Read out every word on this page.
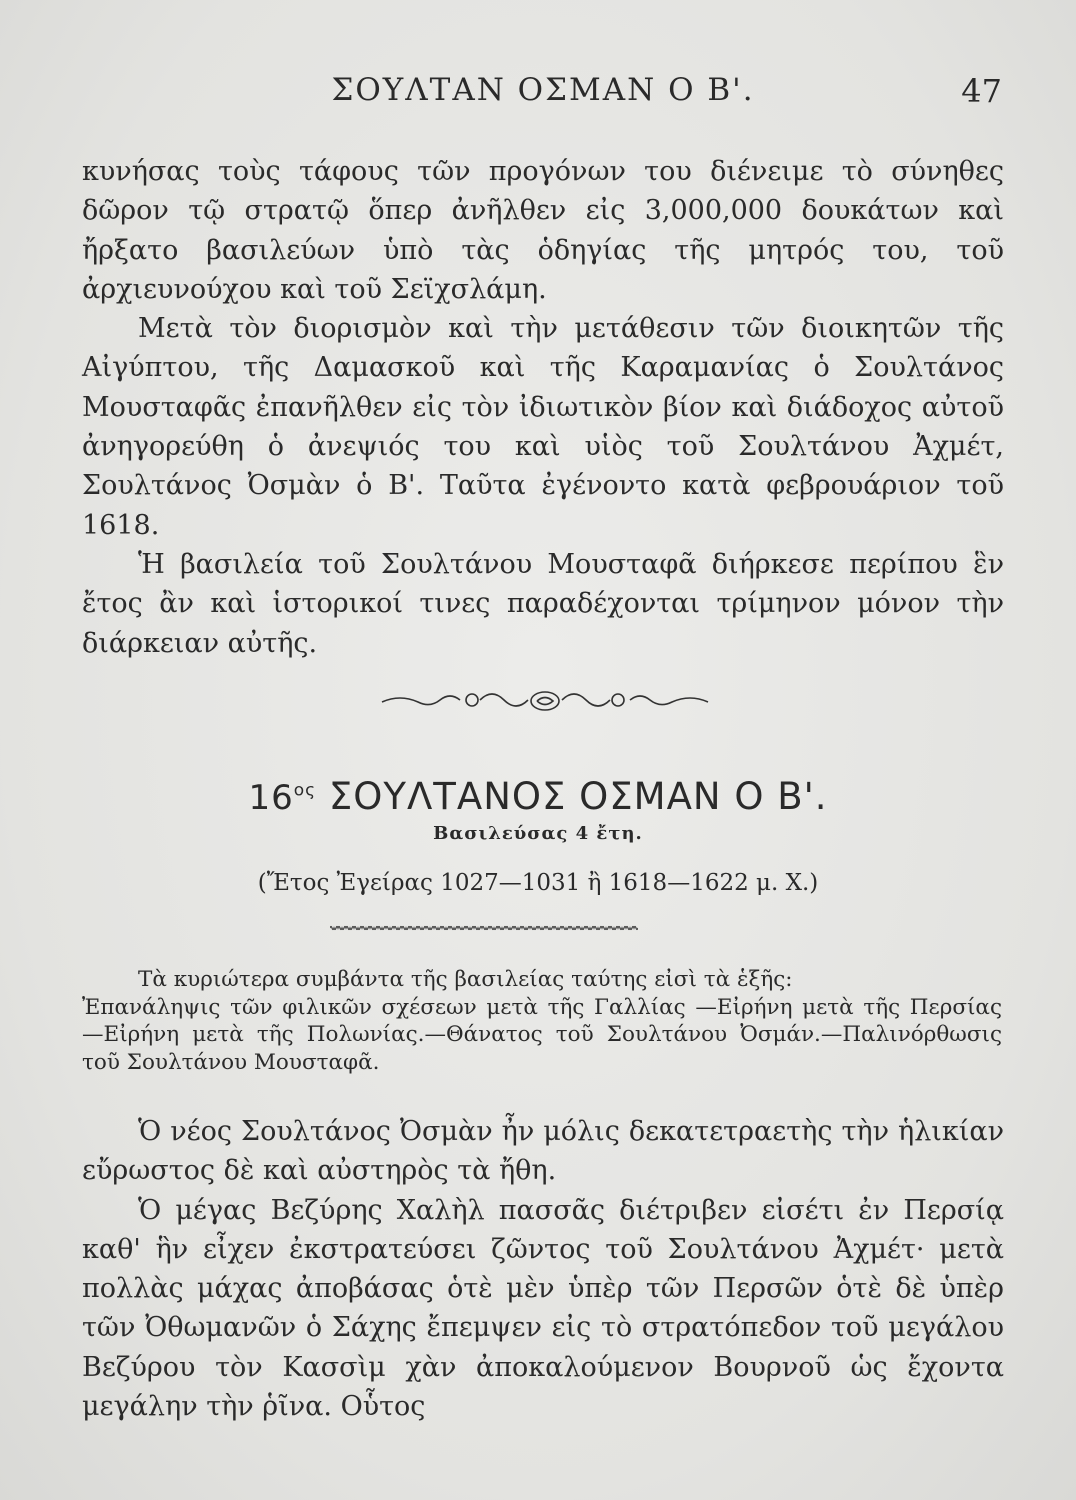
ΣΟΥΛΤΑΝ ΟΣΜΑΝ Ο Β'.	47

κυνήσας τοὺς τάφους τῶν προγόνων του διένειμε τὸ σύνηθες δῶρον τῷ στρατῷ ὅπερ ἀνῆλθεν εἰς 3,000,000 δουκάτων καὶ ἤρξατο βασιλεύων ὑπὸ τὰς ὁδηγίας τῆς μητρός του, τοῦ ἀρχιευνούχου καὶ τοῦ Σεϊχσλάμη.

Μετὰ τὸν διορισμὸν καὶ τὴν μετάθεσιν τῶν διοικητῶν τῆς Αἰγύπτου, τῆς Δαμασκοῦ καὶ τῆς Καραμανίας ὁ Σουλτάνος Μουσταφᾶς ἐπανῆλθεν εἰς τὸν ἰδιωτικὸν βίον καὶ διάδοχος αὐτοῦ ἀνηγορεύθη ὁ ἀνεψιός του καὶ υἱὸς τοῦ Σουλτάνου Ἀχμέτ, Σουλτάνος Ὀσμὰν ὁ Β'. Ταῦτα ἐγένοντο κατὰ φεβρουάριον τοῦ 1618.

Ἡ βασιλεία τοῦ Σουλτάνου Μουσταφᾶ διήρκεσε περίπου ἓν ἔτος ἂν καὶ ἱστορικοί τινες παραδέχονται τρίμηνον μόνον τὴν διάρκειαν αὐτῆς.

$16^{o\varsigma}$ ΣΟΥΛΤΑΝΟΣ ΟΣΜΑΝ Ο Β'.
Βασιλεύσας 4 ἔτη.
(Ἔτος Ἐγείρας 1027—1031 ἢ 1618—1622 μ. Χ.)
Τὰ κυριώτερα συμβάντα τῆς βασιλείας ταύτης εἰσὶ τὰ ἑξῆς:
Ἐπανάληψις τῶν φιλικῶν σχέσεων μετὰ τῆς Γαλλίας —Εἰρήνη μετὰ τῆς Περσίας —Εἰρήνη μετὰ τῆς Πολωνίας.—Θάνατος τοῦ Σουλτάνου Ὀσμάν.—Παλινόρθωσις τοῦ Σουλτάνου Μουσταφᾶ.

Ὁ νέος Σουλτάνος Ὀσμὰν ἦν μόλις δεκατετραετὴς τὴν ἡλικίαν εὔρωστος δὲ καὶ αὐστηρὸς τὰ ἤθη.

Ὁ μέγας Βεζύρης Χαλὴλ πασσᾶς διέτριβεν εἰσέτι ἐν Περσίᾳ καθ' ἣν εἶχεν ἐκστρατεύσει ζῶντος τοῦ Σουλτάνου Ἀχμέτ· μετὰ πολλὰς μάχας ἀποβάσας ὁτὲ μὲν ὑπὲρ τῶν Περσῶν ὁτὲ δὲ ὑπὲρ τῶν Ὀθωμανῶν ὁ Σάχης ἔπεμψεν εἰς τὸ στρατόπεδον τοῦ μεγάλου Βεζύρου τὸν Κασσὶμ χὰν ἀποκαλούμενον Βουρνοῦ ὡς ἔχοντα μεγάλην τὴν ῥῖνα. Οὗτος
